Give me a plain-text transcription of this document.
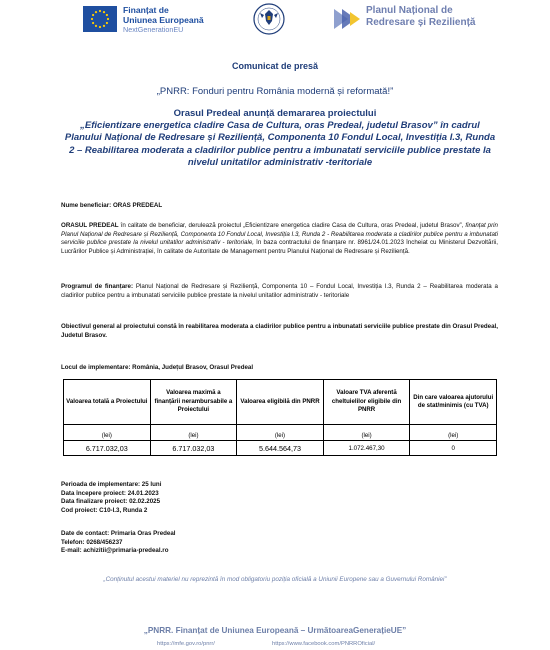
Finanțat de
Uniunea Europeană
NextGenerationEU
Planul Național de
Redresare și Reziliență
Comunicat de presă
„PNRR: Fonduri pentru România modernă și reformată!”
Orasul Predeal anunță demararea proiectului
„Eficientizare energetica cladire Casa de Cultura, oras Predeal, judetul Brasov” în cadrul Planului Național de Redresare și Reziliență, Componenta 10 Fondul Local, Investiția I.3, Runda 2 – Reabilitarea moderata a cladirilor publice pentru a imbunatati serviciile publice prestate la nivelul unitatilor administrativ -teritoriale
Nume beneficiar: ORAS PREDEAL
ORASUL PREDEAL în calitate de beneficiar, derulează proiectul „Eficientizare energetica cladire Casa de Cultura, oras Predeal, judetul Brasov”, finanțat prin Planul Național de Redresare și Reziliență, Componenta 10 Fondul Local, Investiția I.3, Runda 2 - Reabilitarea moderata a cladirilor publice pentru a imbunatati serviciile publice prestate la nivelul unitatilor administrativ - teritoriale, în baza contractului de finanțare nr. 8961/24.01.2023 încheiat cu Ministerul Dezvoltării, Lucrărilor Publice și Administrației, în calitate de Autoritate de Management pentru Planului Național de Redresare și Reziliență.
Programul de finanțare: Planul Național de Redresare și Reziliență, Componenta 10 – Fondul Local, Investiția I.3, Runda 2 – Reabilitarea moderata a cladirilor publice pentru a imbunatati serviciile publice prestate la nivelul unitatilor administrativ - teritoriale
Obiectivul general al proiectului constă în reabilitarea moderata a cladirilor publice pentru a inbunatati serviciile publice prestate din Orasul Predeal, Judetul Brasov.
Locul de implementare: România, Județul Brasov, Orasul Predeal
Valoarea totală a Proiectului	Valoarea maximă a finanțării nerambursabile a Proiectului	Valoarea eligibilă din PNRR	Valoare TVA aferentă cheltuielilor eligibile din PNRR	Din care valoarea ajutorului de stat/minimis (cu TVA)
(lei)	(lei)	(lei)	(lei)	(lei)
6.717.032,03	6.717.032,03	5.644.564,73	1.072.467,30	0
Perioada de implementare: 25 luni
Data începere proiect: 24.01.2023
Data finalizare proiect: 02.02.2025
Cod proiect: C10-I.3, Runda 2
Date de contact: Primaria Oras Predeal
Telefon: 0268/456237
E-mail: achizitii@primaria-predeal.ro
„Conținutul acestui materiel nu reprezintă în mod obligatoriu poziția oficială a Uniunii Europene sau a Guvernului României”
„PNRR. Finanțat de Uniunea Europeană – UrmătoareaGenerațieUE”
https://mfe.gov.ro/pnrr/	https://www.facebook.com/PNRROficial/
